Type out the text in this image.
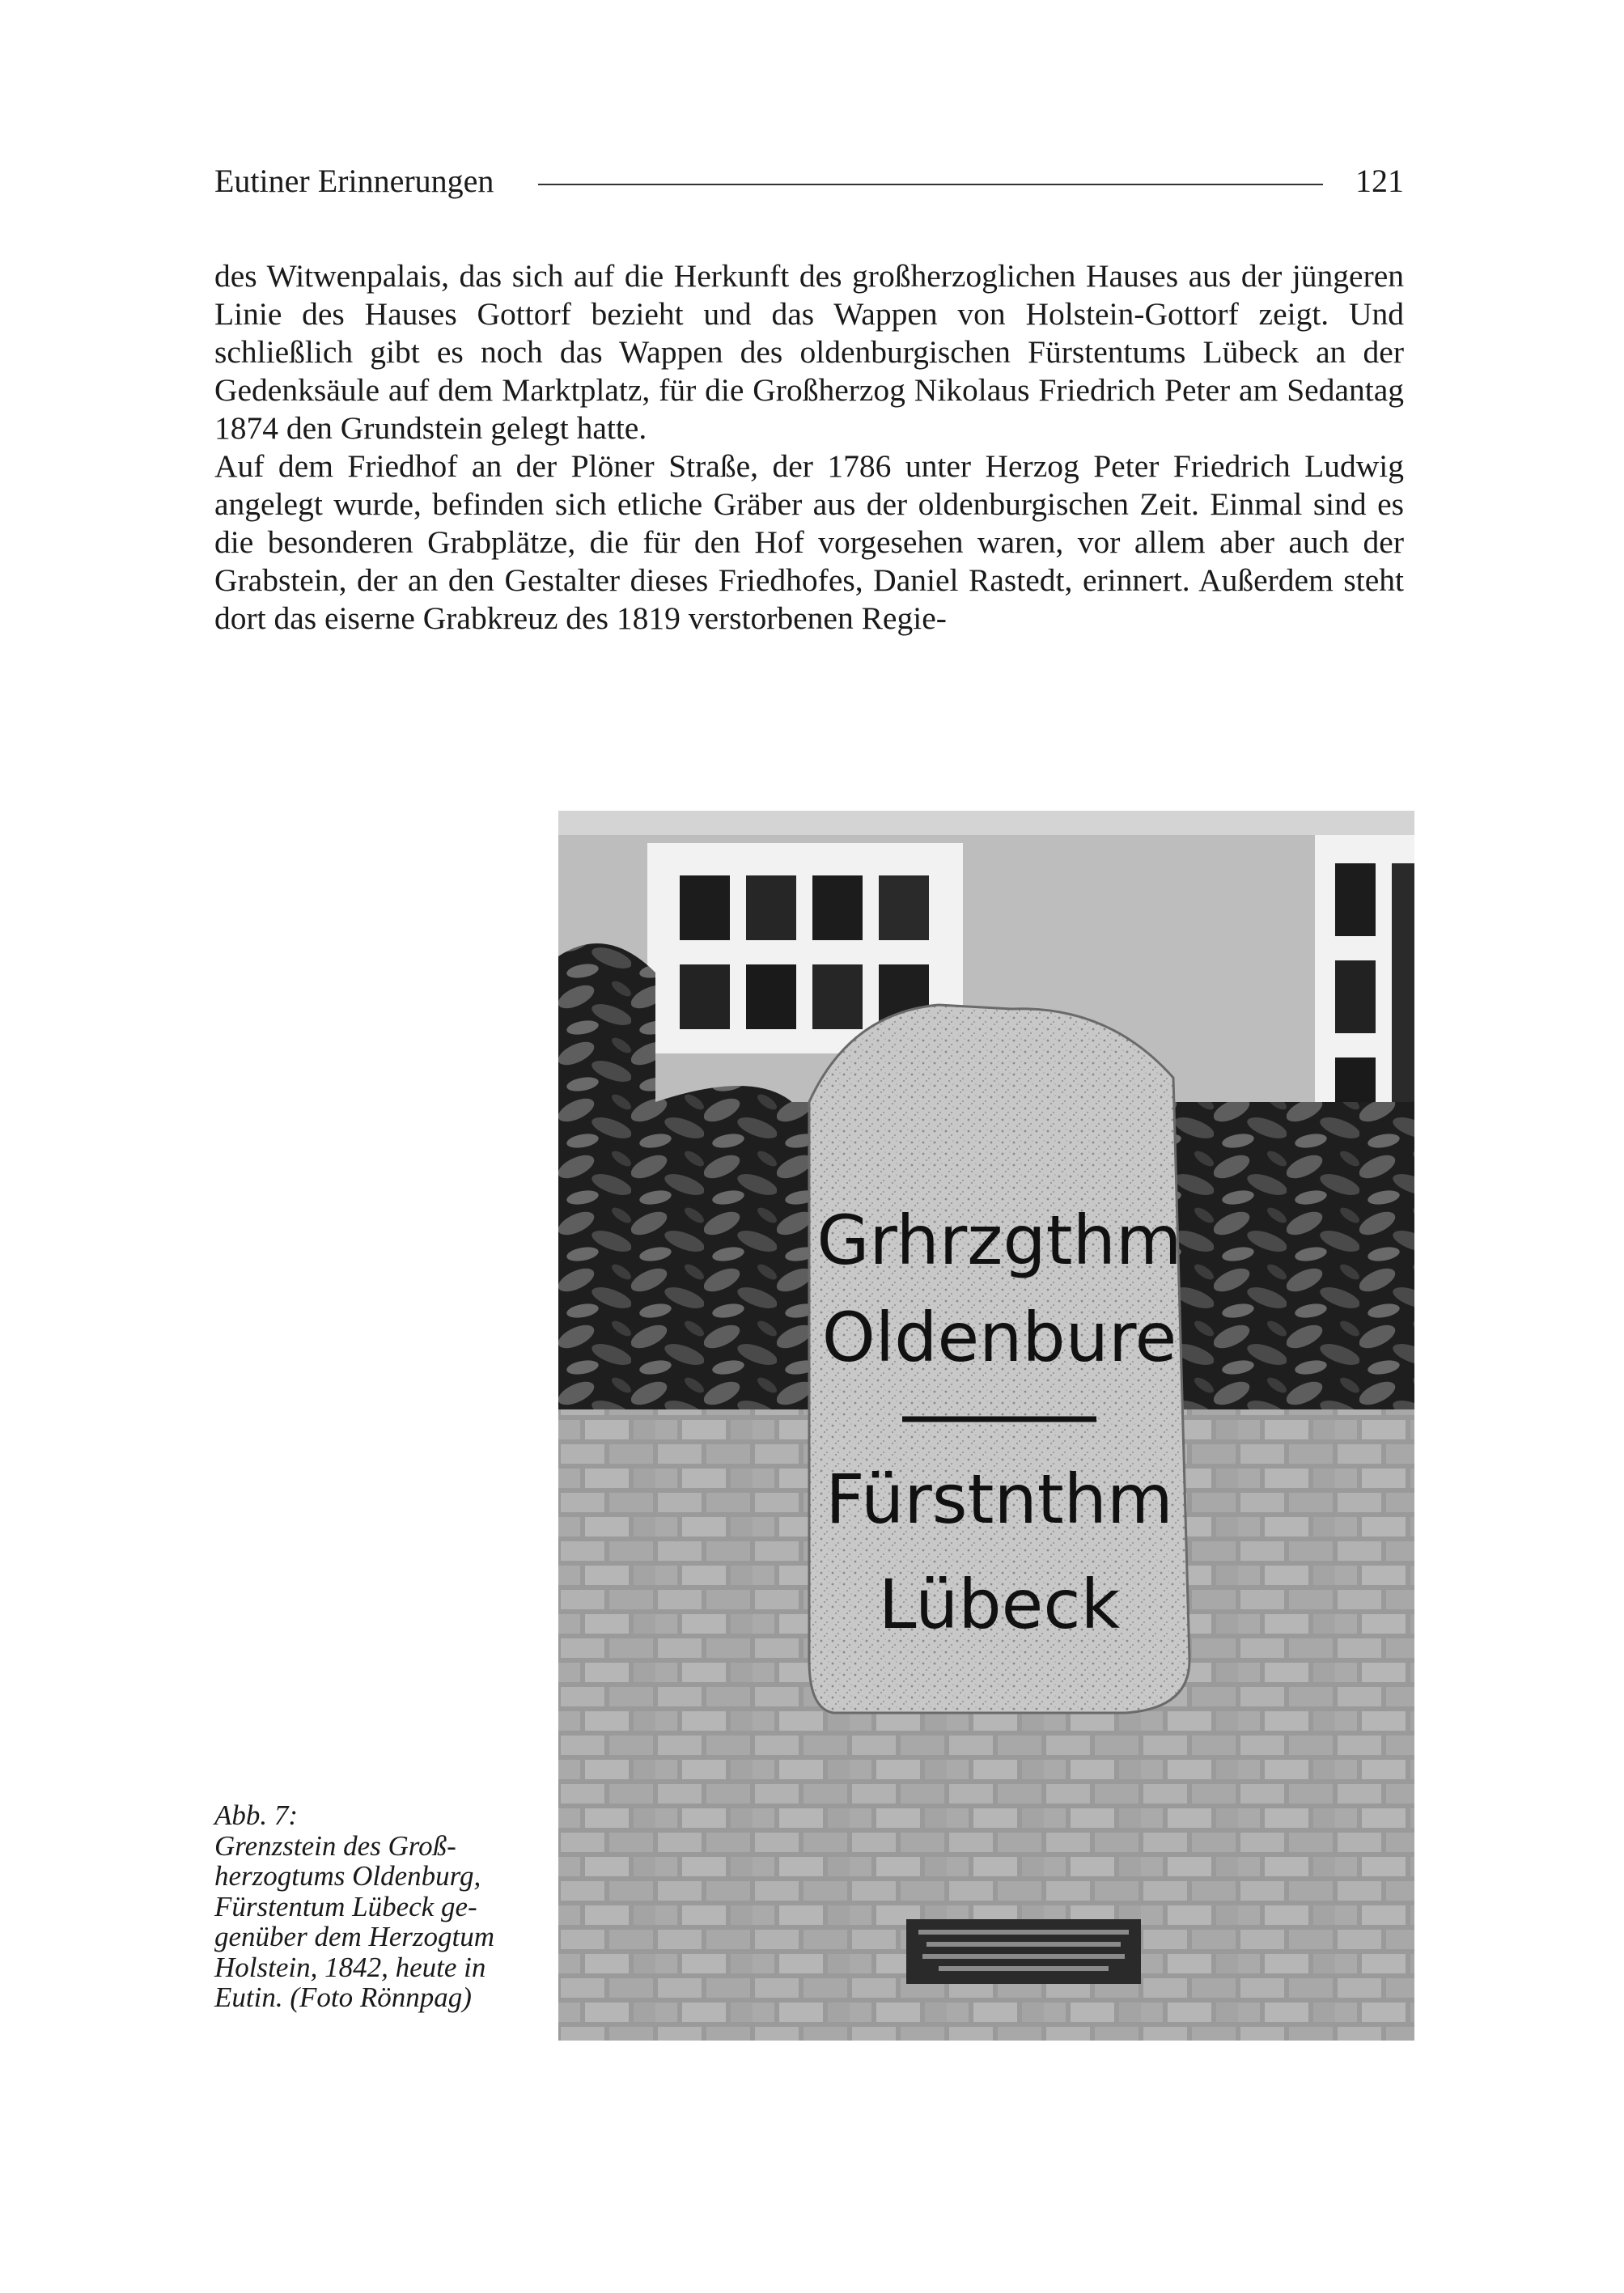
Eutiner Erinnerungen	121

des Witwenpalais, das sich auf die Herkunft des großherzoglichen Hauses aus der jüngeren Linie des Hauses Gottorf bezieht und das Wappen von Holstein-Gottorf zeigt. Und schließlich gibt es noch das Wappen des oldenburgischen Fürstentums Lübeck an der Gedenksäule auf dem Marktplatz, für die Großherzog Nikolaus Friedrich Peter am Sedantag 1874 den Grundstein gelegt hatte.

Auf dem Friedhof an der Plöner Straße, der 1786 unter Herzog Peter Friedrich Ludwig angelegt wurde, befinden sich etliche Gräber aus der oldenburgischen Zeit. Einmal sind es die besonderen Grabplätze, die für den Hof vorgesehen waren, vor allem aber auch der Grabstein, der an den Gestalter dieses Friedhofes, Daniel Rastedt, erinnert. Außerdem steht dort das eiserne Grabkreuz des 1819 verstorbenen Regie-

Grhrzgthm
Oldenbure
Fürstnthm
Lübeck
Abb. 7:
Grenzstein des Groß-
herzogtums Oldenburg,
Fürstentum Lübeck ge-
genüber dem Herzogtum
Holstein, 1842, heute in
Eutin. (Foto Rönnpag)
